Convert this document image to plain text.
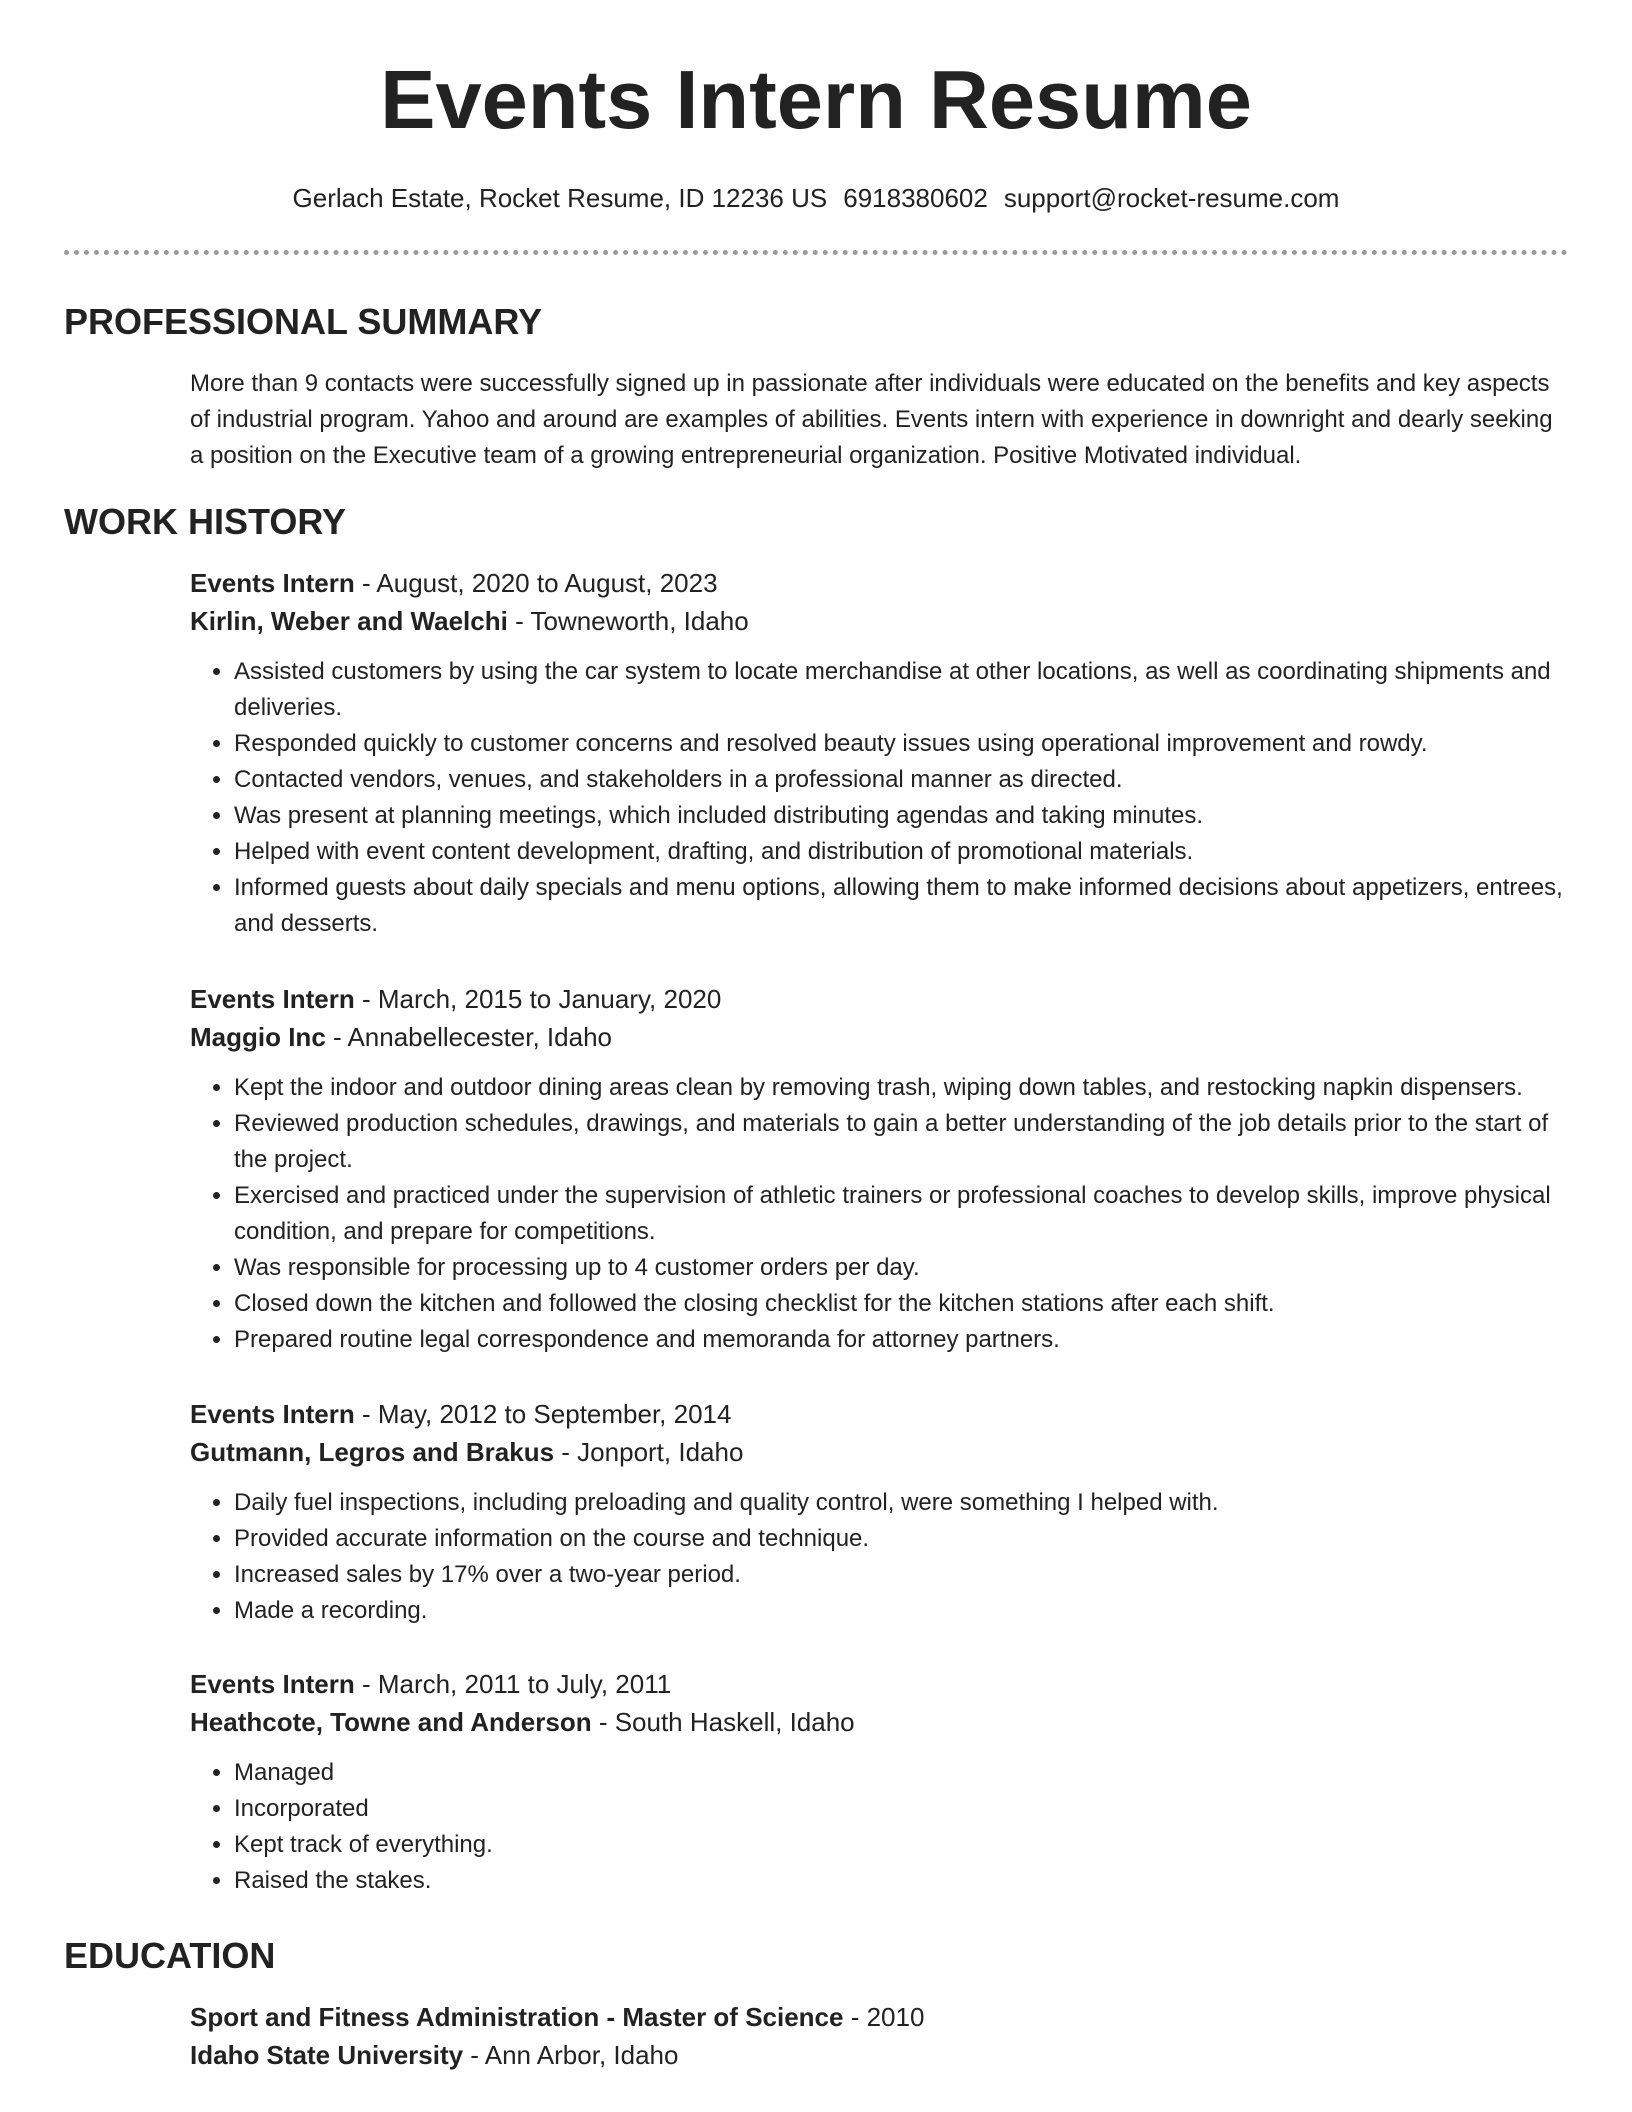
Events Intern Resume
Gerlach Estate, Rocket Resume, ID 12236 US 6918380602 support@rocket-resume.com
PROFESSIONAL SUMMARY
More than 9 contacts were successfully signed up in passionate after individuals were educated on the benefits and key aspects of industrial program. Yahoo and around are examples of abilities. Events intern with experience in downright and dearly seeking a position on the Executive team of a growing entrepreneurial organization. Positive Motivated individual.
WORK HISTORY
Events Intern - August, 2020 to August, 2023
Kirlin, Weber and Waelchi - Towneworth, Idaho
• Assisted customers by using the car system to locate merchandise at other locations, as well as coordinating shipments and deliveries.
• Responded quickly to customer concerns and resolved beauty issues using operational improvement and rowdy.
• Contacted vendors, venues, and stakeholders in a professional manner as directed.
• Was present at planning meetings, which included distributing agendas and taking minutes.
• Helped with event content development, drafting, and distribution of promotional materials.
• Informed guests about daily specials and menu options, allowing them to make informed decisions about appetizers, entrees, and desserts.
Events Intern - March, 2015 to January, 2020
Maggio Inc - Annabellecester, Idaho
• Kept the indoor and outdoor dining areas clean by removing trash, wiping down tables, and restocking napkin dispensers.
• Reviewed production schedules, drawings, and materials to gain a better understanding of the job details prior to the start of the project.
• Exercised and practiced under the supervision of athletic trainers or professional coaches to develop skills, improve physical condition, and prepare for competitions.
• Was responsible for processing up to 4 customer orders per day.
• Closed down the kitchen and followed the closing checklist for the kitchen stations after each shift.
• Prepared routine legal correspondence and memoranda for attorney partners.
Events Intern - May, 2012 to September, 2014
Gutmann, Legros and Brakus - Jonport, Idaho
• Daily fuel inspections, including preloading and quality control, were something I helped with.
• Provided accurate information on the course and technique.
• Increased sales by 17% over a two-year period.
• Made a recording.
Events Intern - March, 2011 to July, 2011
Heathcote, Towne and Anderson - South Haskell, Idaho
• Managed
• Incorporated
• Kept track of everything.
• Raised the stakes.
EDUCATION
Sport and Fitness Administration - Master of Science - 2010
Idaho State University - Ann Arbor, Idaho
